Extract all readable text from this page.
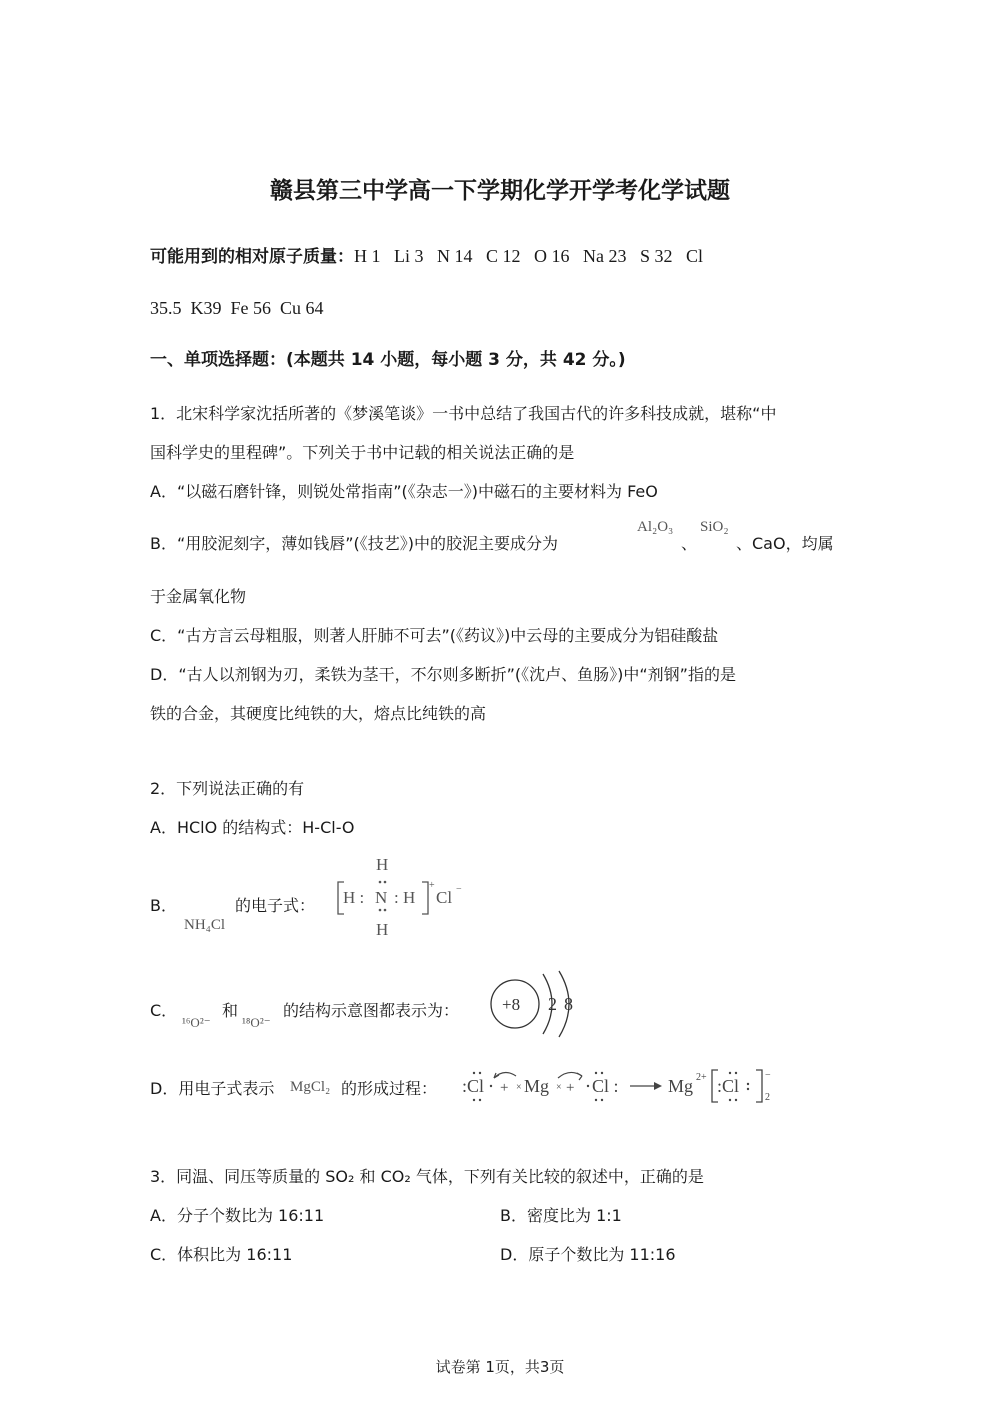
赣县第三中学高一下学期化学开学考化学试题
可能用到的相对原子质量：H 1   Li 3   N 14   C 12   O 16   Na 23   S 32   Cl
35.5  K39  Fe 56  Cu 64
一、单项选择题：(本题共 14 小题，每小题 3 分，共 42 分。)
1．北宋科学家沈括所著的《梦溪笔谈》一书中总结了我国古代的许多科技成就，堪称“中
国科学史的里程碑”。下列关于书中记载的相关说法正确的是
A．“以磁石磨针锋，则锐处常指南”(《杂志一》)中磁石的主要材料为 FeO
B．“用胶泥刻字，薄如钱唇”(《技艺》)中的胶泥主要成分为
Al₂O₃
、
SiO₂
、CaO，均属
于金属氧化物
C．“古方言云母粗服，则著人肝肺不可去”(《药议》)中云母的主要成分为铝硅酸盐
D．“古人以剂钢为刃，柔铁为茎干，不尔则多断折”(《沈卢、鱼肠》)中“剂钢”指的是
铁的合金，其硬度比纯铁的大，熔点比纯铁的高
2．下列说法正确的有
A．HClO 的结构式：H-Cl-O
B．
NH₄Cl
的电子式：
H
H : N : H
+
Cl −
H
C．
¹⁶O²⁻
和
¹⁸O²⁻
的结构示意图都表示为：	+8 2 8
D．用电子式表示 MgCl₂ 的形成过程： :Cl + × Mg × + Cl :	Mg 2+ :Cl
−
2
3．同温、同压等质量的 SO₂ 和 CO₂ 气体，下列有关比较的叙述中，正确的是
A．分子个数比为 16:11	B．密度比为 1:1
C．体积比为 16:11	D．原子个数比为 11:16
试卷第 1页，共3页
